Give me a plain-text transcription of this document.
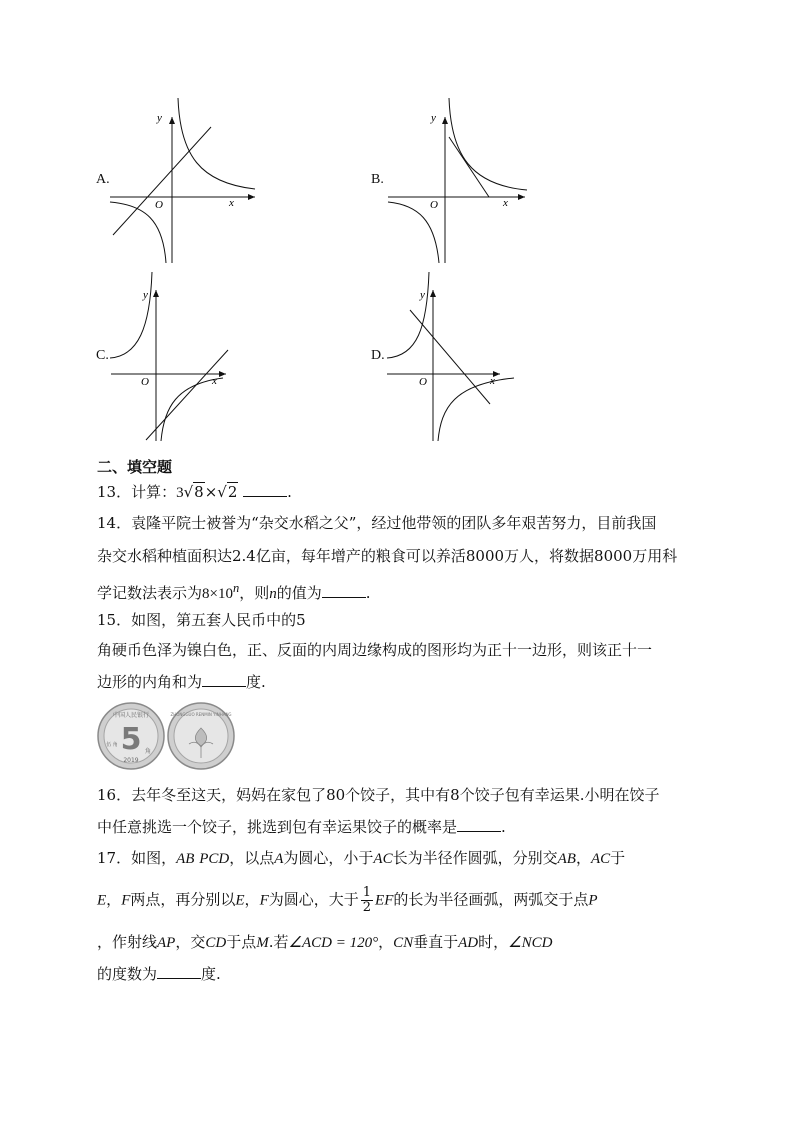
A.
y
x
O
B.
y
x
O
C.
y
x
O
D.
y
x
O
二、填空题
13．计算：3√8×√2	.
14．袁隆平院士被誉为“杂交水稻之父”，经过他带领的团队多年艰苦努力，目前我国
杂交水稻种植面积达2.4亿亩，每年增产的粮食可以养活8000万人，将数据8000万用科
学记数法表示为$8\times 10^n$，则n的值为	.
15．如图，第五套人民币中的5
角硬币色泽为镍白色，正、反面的内周边缘构成的图形均为正十一边形，则该正十一
边形的内角和为	度.
中国人民银行
5 角
伍 角
2019
ZHONGGUO RENMIN YINHANG
16．去年冬至这天，妈妈在家包了80个饺子，其中有8个饺子包有幸运果.小明在饺子
中任意挑选一个饺子，挑选到包有幸运果饺子的概率是	.
17．如图，AB PCD，以点A为圆心，小于AC长为半径作圆弧，分别交AB，AC于
E，F两点，再分别以E，F为圆心，大于 $\frac{1}{2}$ EF的长为半径画弧，两弧交于点P
，作射线AP，交CD于点M.若∠ACD = 120°，CN垂直于AD时，∠NCD
的度数为	度.
